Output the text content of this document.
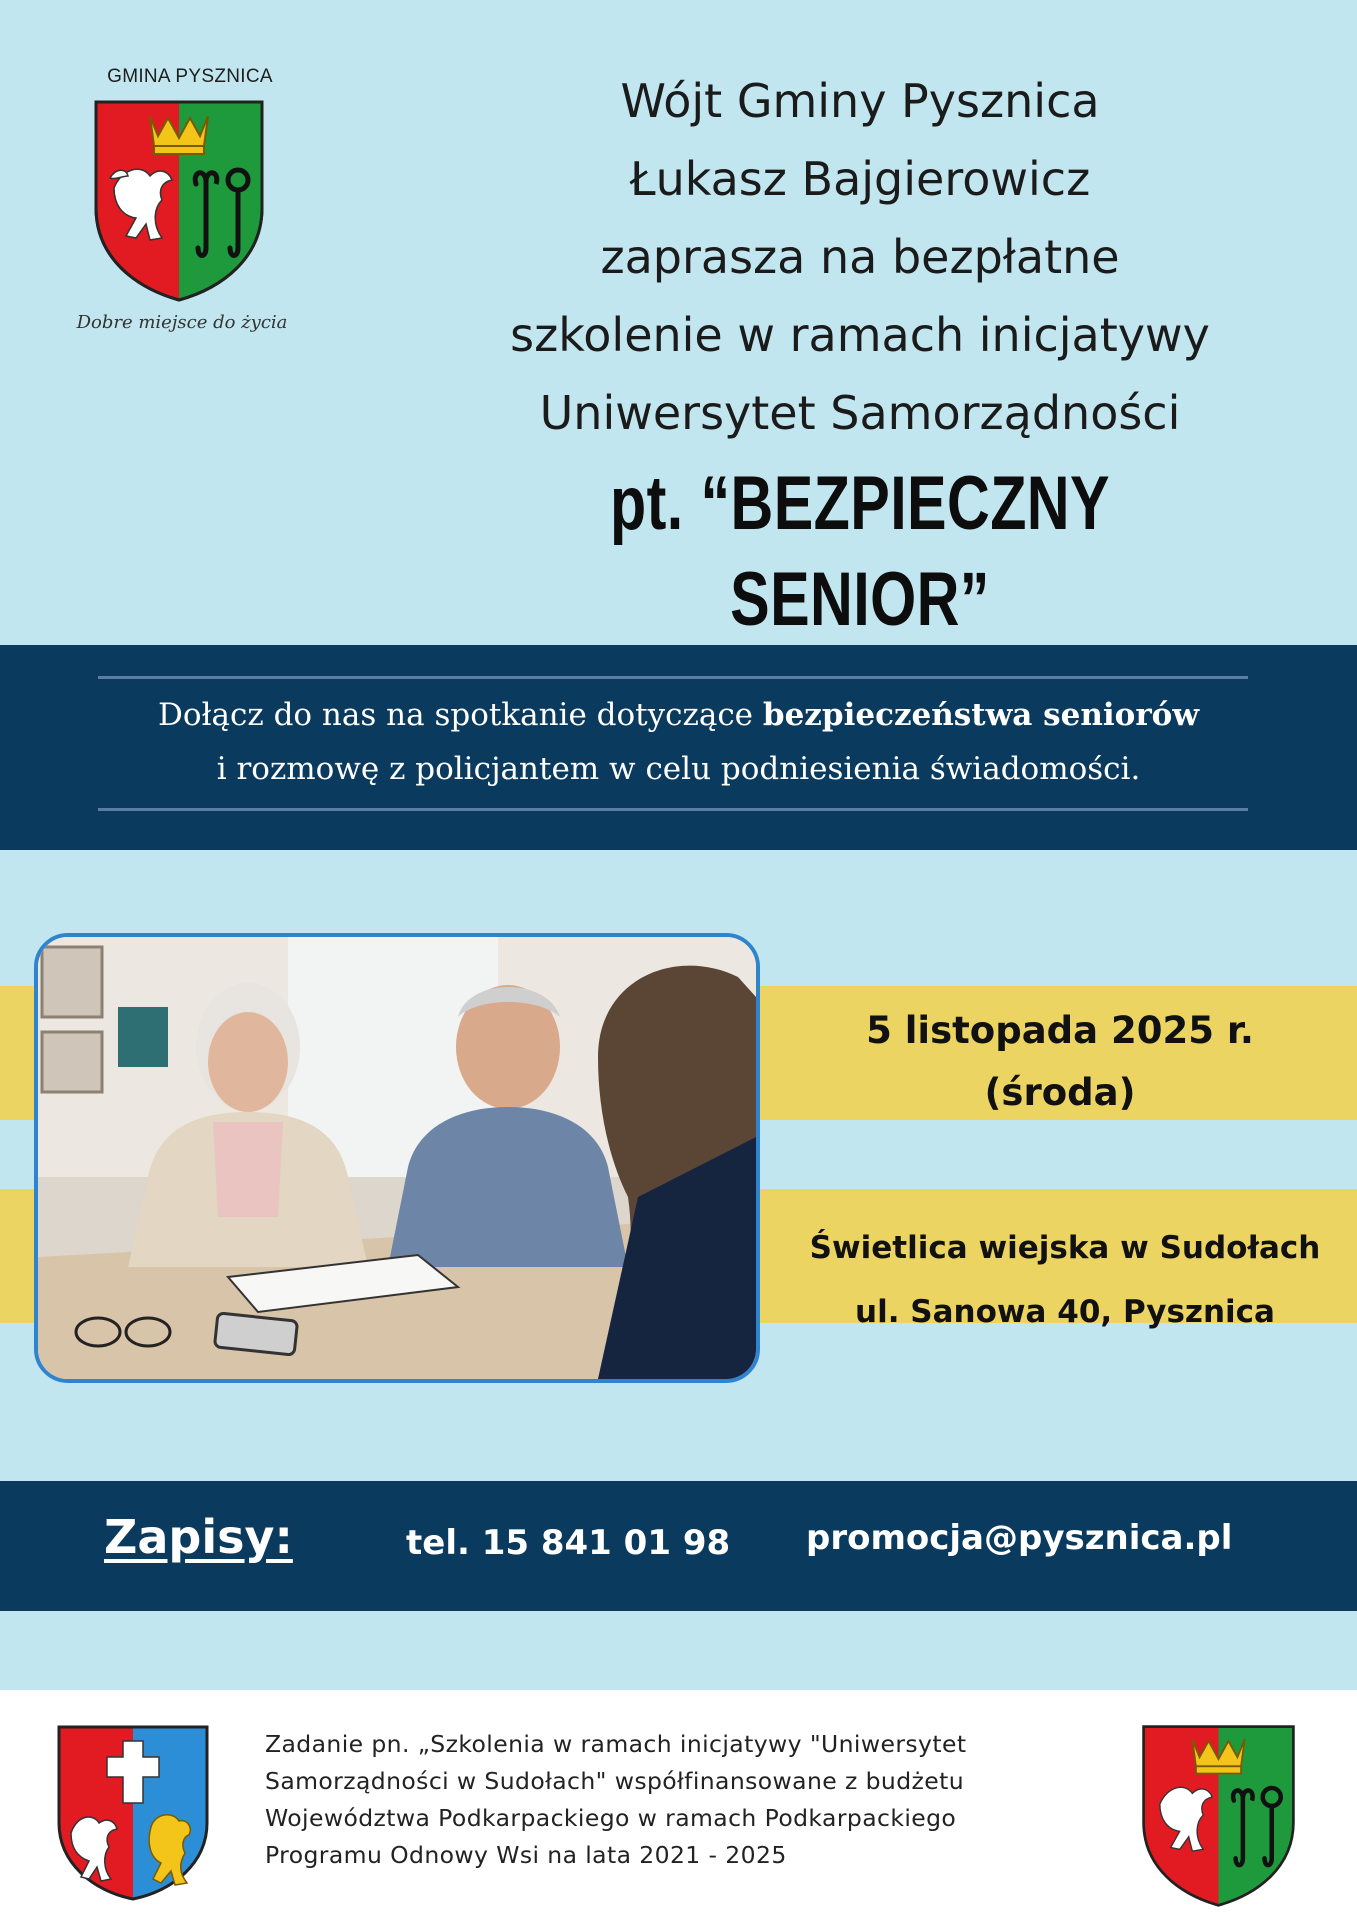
GMINA PYSZNICA
Dobre miejsce do życia
Wójt Gminy Pysznica
Łukasz Bajgierowicz
zaprasza na bezpłatne
szkolenie w ramach inicjatywy
Uniwersytet Samorządności
pt. “BEZPIECZNY SENIOR”
Dołącz do nas na spotkanie dotyczące bezpieczeństwa seniorów
i rozmowę z policjantem w celu podniesienia świadomości.
5 listopada 2025 r.
(środa)
Świetlica wiejska w Sudołach
ul. Sanowa 40, Pysznica
Zapisy:	tel. 15 841 01 98 promocja@pysznica.pl
Zadanie pn. „Szkolenia w ramach inicjatywy "Uniwersytet
Samorządności w Sudołach" współfinansowane z budżetu
Województwa Podkarpackiego w ramach Podkarpackiego
Programu Odnowy Wsi na lata 2021 - 2025
